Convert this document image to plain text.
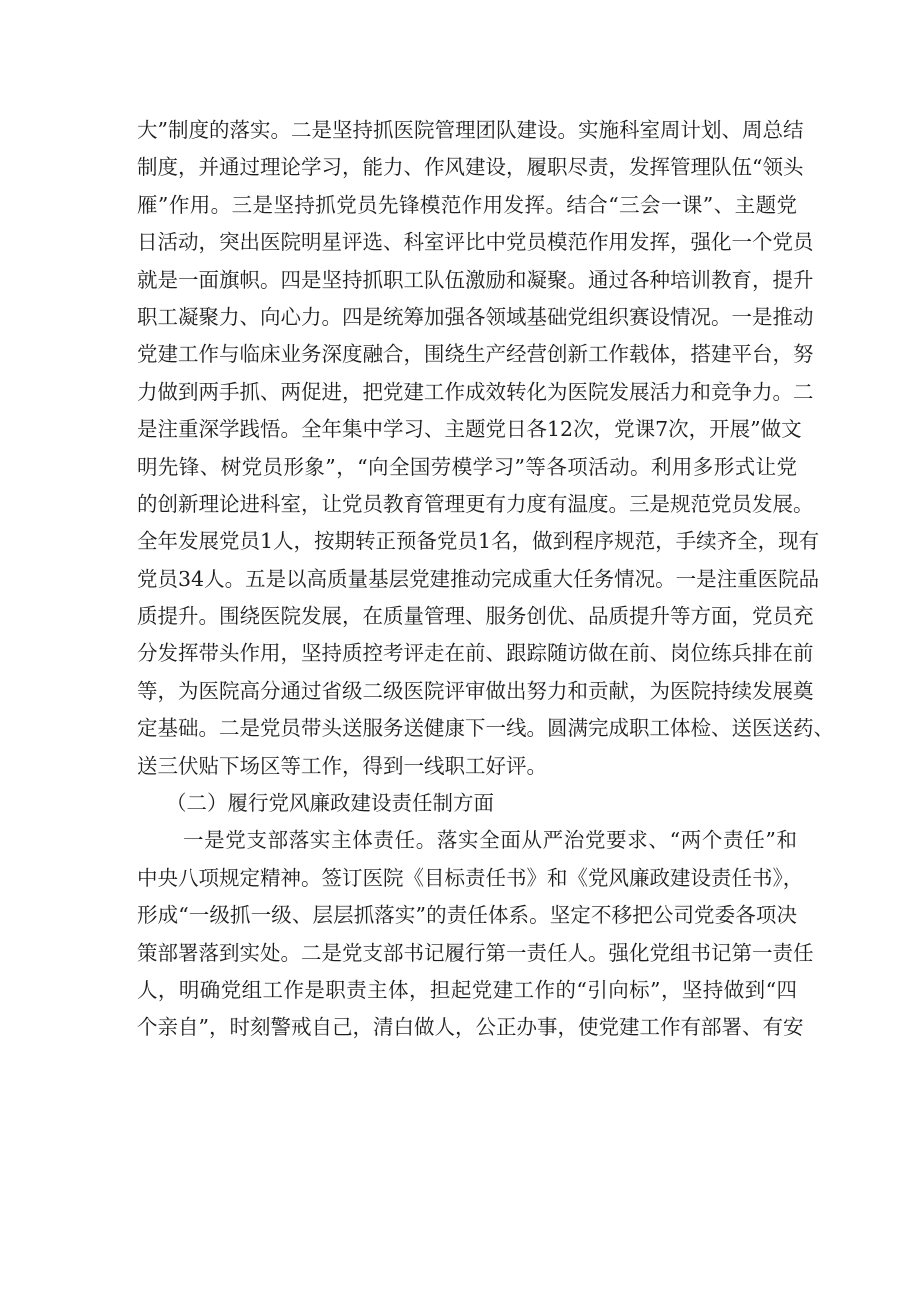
大”制度的落实。二是坚持抓医院管理团队建设。实施科室周计划、周总结
制度，并通过理论学习，能力、作风建设，履职尽责，发挥管理队伍“领头
雁”作用。三是坚持抓党员先锋模范作用发挥。结合“三会一课”、主题党
日活动，突出医院明星评选、科室评比中党员模范作用发挥，强化一个党员
就是一面旗帜。四是坚持抓职工队伍激励和凝聚。通过各种培训教育，提升
职工凝聚力、向心力。四是统筹加强各领域基础党组织赛设情况。一是推动
党建工作与临床业务深度融合，围绕生产经营创新工作载体，搭建平台，努
力做到两手抓、两促进，把党建工作成效转化为医院发展活力和竞争力。二
是注重深学践悟。全年集中学习、主题党日各12次，党课7次，开展”做文
明先锋、树党员形象”，“向全国劳模学习”等各项活动。利用多形式让党
的创新理论进科室，让党员教育管理更有力度有温度。三是规范党员发展。
全年发展党员1人，按期转正预备党员1名，做到程序规范，手续齐全，现有
党员34人。五是以高质量基层党建推动完成重大任务情况。一是注重医院品
质提升。围绕医院发展，在质量管理、服务创优、品质提升等方面，党员充
分发挥带头作用，坚持质控考评走在前、跟踪随访做在前、岗位练兵排在前
等，为医院高分通过省级二级医院评审做出努力和贡献，为医院持续发展奠
定基础。二是党员带头送服务送健康下一线。圆满完成职工体检、送医送药、
送三伏贴下场区等工作，得到一线职工好评。
（二）履行党风廉政建设责任制方面
一是党支部落实主体责任。落实全面从严治党要求、“两个责任”和
中央八项规定精神。签订医院《目标责任书》和《党风廉政建设责任书》，
形成“一级抓一级、层层抓落实”的责任体系。坚定不移把公司党委各项决
策部署落到实处。二是党支部书记履行第一责任人。强化党组书记第一责任
人，明确党组工作是职责主体，担起党建工作的“引向标”，坚持做到“四
个亲自”，时刻警戒自己，清白做人，公正办事，使党建工作有部署、有安
